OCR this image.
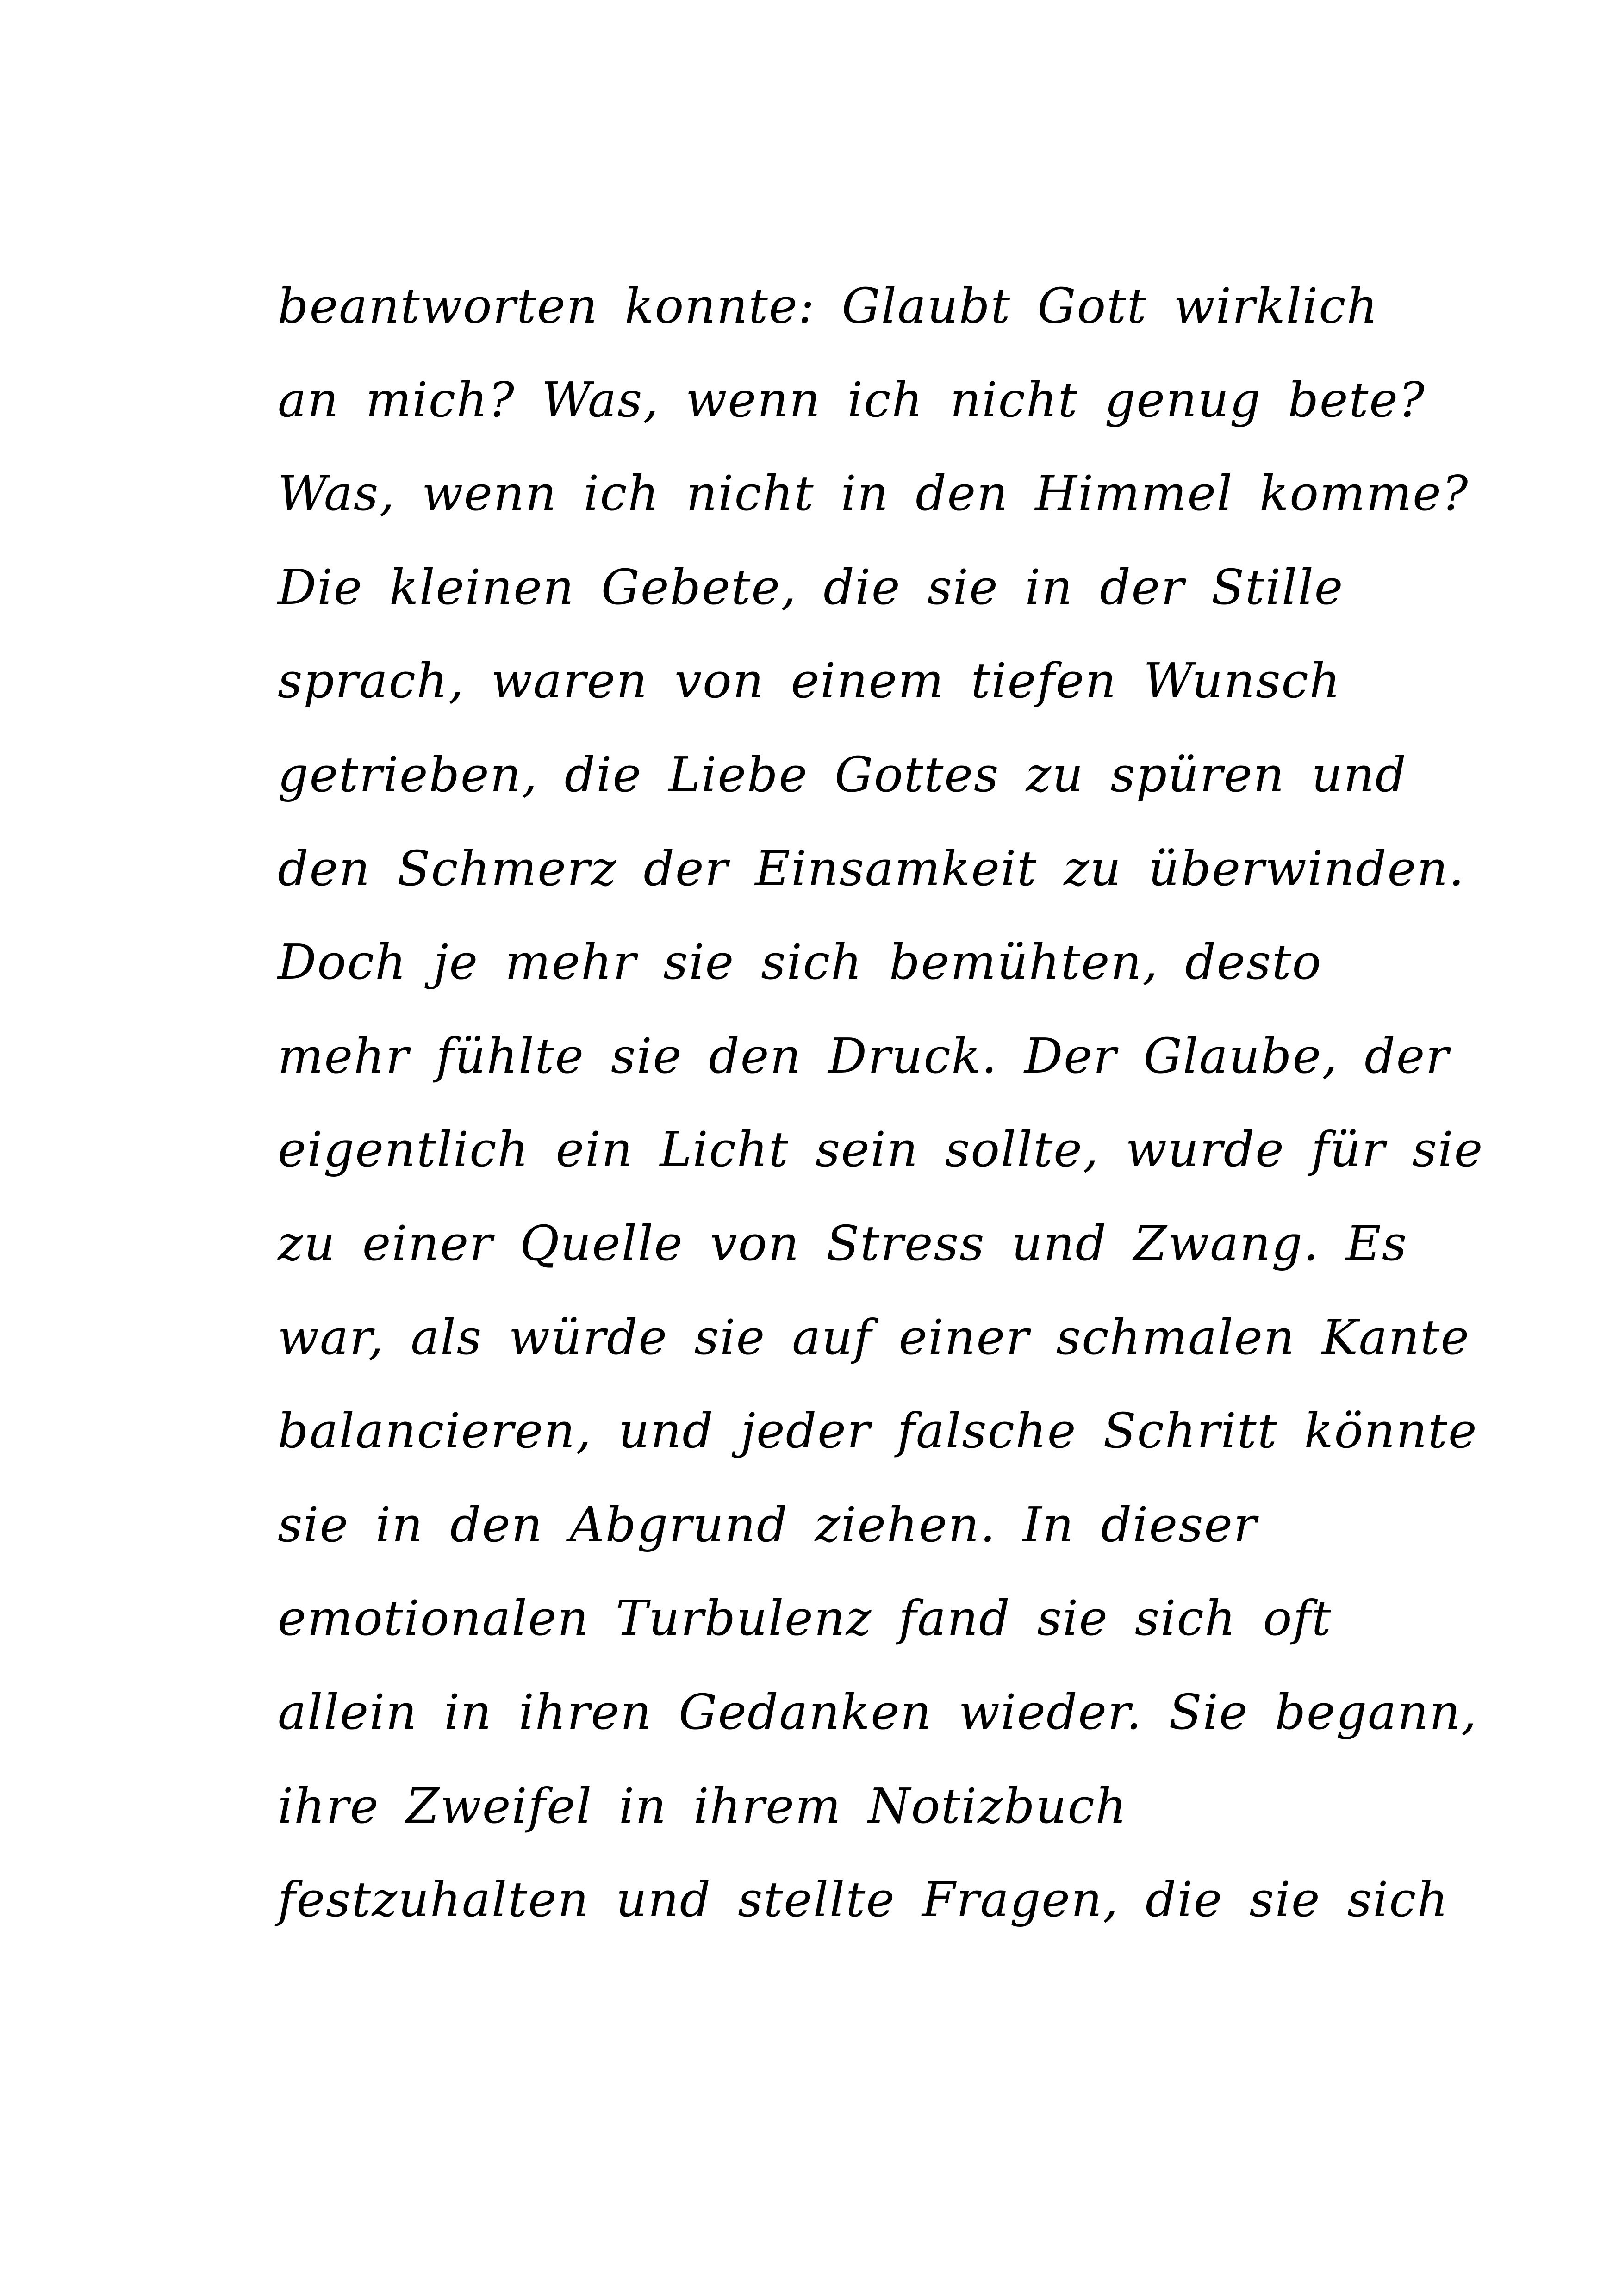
beantworten konnte: Glaubt Gott wirklich
an mich? Was, wenn ich nicht genug bete?
Was, wenn ich nicht in den Himmel komme?
Die kleinen Gebete, die sie in der Stille
sprach, waren von einem tiefen Wunsch
getrieben, die Liebe Gottes zu spüren und
den Schmerz der Einsamkeit zu überwinden.
Doch je mehr sie sich bemühten, desto
mehr fühlte sie den Druck. Der Glaube, der
eigentlich ein Licht sein sollte, wurde für sie
zu einer Quelle von Stress und Zwang. Es
war, als würde sie auf einer schmalen Kante
balancieren, und jeder falsche Schritt könnte
sie in den Abgrund ziehen. In dieser
emotionalen Turbulenz fand sie sich oft
allein in ihren Gedanken wieder. Sie begann,
ihre Zweifel in ihrem Notizbuch
festzuhalten und stellte Fragen, die sie sich
